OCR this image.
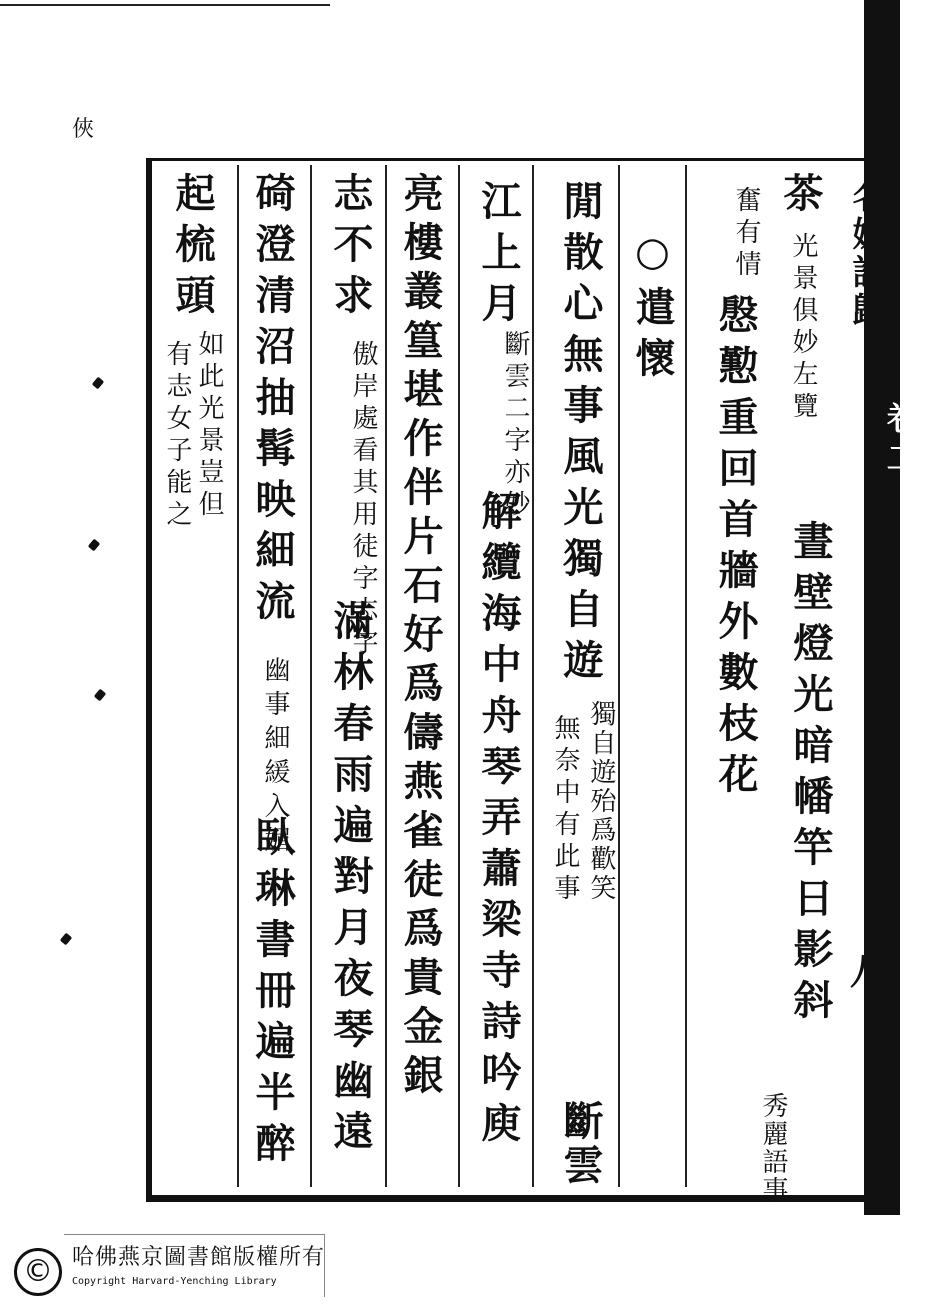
名媛詩歸
卷二
八
俠
茶
光景俱妙左覽
晝壁燈光暗幡竿日影斜
秀麗語事
奮有情
慇懃重回首牆外數枝花
○遣懷
閒散心無事風光獨自遊
獨自遊殆爲歡笑
無奈中有此事
斷雲
江上月
斷雲二字亦妙
解纜海中舟琴弄蕭梁寺詩吟庾
亮樓叢篁堪作伴片石好爲儔燕雀徒爲貴金銀
志不求
傲岸處看其用徒字志字
滿林春雨遍對月夜琴幽遠
碕澄清沼抽髯映細流
幽事細緩入媚
臥琳書冊遍半醉
起梳頭
如此光景豈但
有志女子能之
© 哈佛燕京圖書館版權所有
Copyright Harvard-Yenching Library
